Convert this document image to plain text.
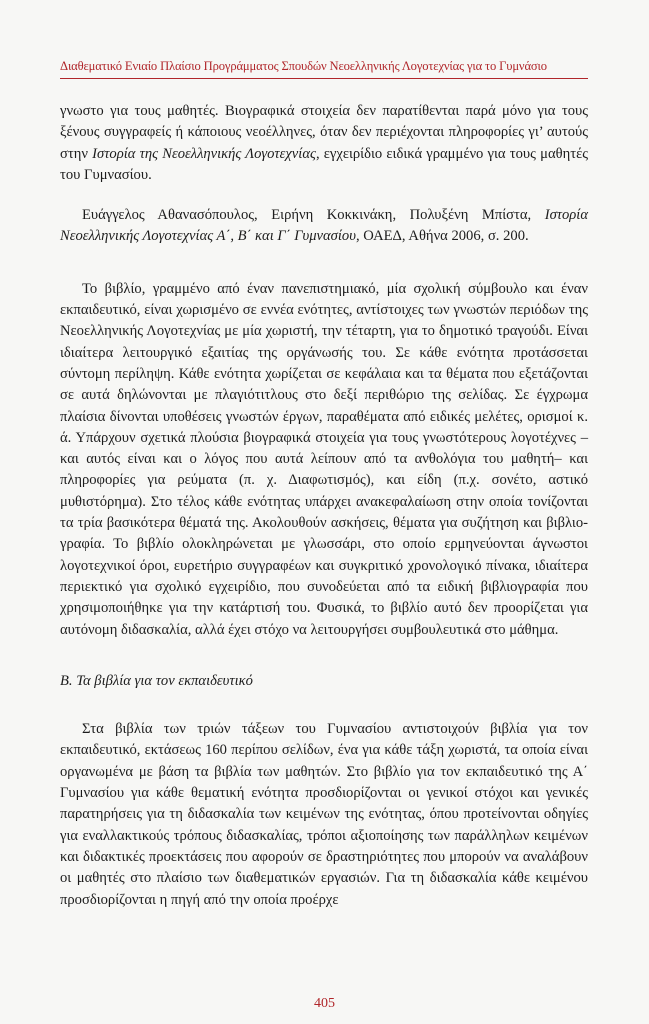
Διαθεματικό Ενιαίο Πλαίσιο Προγράμματος Σπουδών Νεοελληνικής Λογοτεχνίας για το Γυμνάσιο

γνωστο για τους μαθητές. Βιογραφικά στοιχεία δεν παρατίθενται παρά μόνο για τους ξένους συγγραφείς ή κάποιους νεοέλληνες, όταν δεν περιέχονται πληροφορίες γι’ αυτούς στην Ιστορία της Νεοελληνικής Λογοτεχνίας, εγχειρίδιο ειδικά γραμμένο για τους μαθητές του Γυμνασίου.

Ευάγγελος Αθανασόπουλος, Ειρήνη Κοκκινάκη, Πολυξένη Μπίστα, Ιστορία Νεοελληνικής Λογοτεχνίας Α΄, Β΄ και Γ΄ Γυμνασίου, ΟΑΕΔ, Αθήνα 2006, σ. 200.

Το βιβλίο, γραμμένο από έναν πανεπιστημιακό, μία σχολική σύμβουλο και έναν εκπαιδευτικό, είναι χωρισμένο σε εννέα ενότητες, αντίστοιχες των γνωστών περιόδων της Νεοελληνικής Λογοτεχνίας με μία χωριστή, την τέταρτη, για το δημοτικό τραγούδι. Είναι ιδιαίτερα λειτουργικό εξαιτίας της οργάνωσής του. Σε κάθε ενότητα προτάσσεται σύντομη περίληψη. Κάθε ενότητα χωρίζεται σε κεφάλαια και τα θέματα που εξετάζονται σε αυτά δηλώνονται με πλαγιότιτλους στο δεξί περιθώριο της σελίδας. Σε έγχρωμα πλαίσια δίνονται υποθέσεις γνωστών έργων, παραθέματα από ειδικές μελέτες, ορισμοί κ. ά. Υπάρχουν σχετικά πλούσια βιογραφικά στοιχεία για τους γνωστότερους λογοτέχνες –και αυτός είναι και ο λόγος που αυτά λείπουν από τα ανθολόγια του μαθητή– και πληροφορίες για ρεύματα (π. χ. Διαφωτισμός), και είδη (π.χ. σονέτο, αστικό μυθιστόρημα). Στο τέλος κάθε ενότητας υπάρχει ανακεφαλαίωση στην οποία τονίζονται τα τρία βασικότερα θέματά της. Ακολουθούν ασκήσεις, θέματα για συζήτηση και βιβλιογραφία. Το βιβλίο ολοκληρώνεται με γλωσσάρι, στο οποίο ερμηνεύονται άγνωστοι λογοτεχνικοί όροι, ευρετήριο συγγραφέων και συγκριτικό χρονολογικό πίνακα, ιδιαίτερα περιεκτικό για σχολικό εγχειρίδιο, που συνοδεύεται από τα ειδική βιβλιογραφία που χρησιμοποιήθηκε για την κατάρτισή του. Φυσικά, το βιβλίο αυτό δεν προορίζεται για αυτόνομη διδασκαλία, αλλά έχει στόχο να λειτουργήσει συμβουλευτικά στο μάθημα.

Β. Τα βιβλία για τον εκπαιδευτικό

Στα βιβλία των τριών τάξεων του Γυμνασίου αντιστοιχούν βιβλία για τον εκπαιδευτικό, εκτάσεως 160 περίπου σελίδων, ένα για κάθε τάξη χωριστά, τα οποία είναι οργανωμένα με βάση τα βιβλία των μαθητών. Στο βιβλίο για τον εκπαιδευτικό της Α΄ Γυμνασίου για κάθε θεματική ενότητα προσδιορίζονται οι γενικοί στόχοι και γενικές παρατηρήσεις για τη διδασκαλία των κειμένων της ενότητας, όπου προτείνονται οδηγίες για εναλλακτικούς τρόπους διδασκαλίας, τρόποι αξιοποίησης των παράλληλων κειμένων και διδακτικές προεκτάσεις που αφορούν σε δραστηριότητες που μπορούν να αναλάβουν οι μαθητές στο πλαίσιο των διαθεματικών εργασιών. Για τη διδασκαλία κάθε κειμένου προσδιορίζονται η πηγή από την οποία προέρχε

405
